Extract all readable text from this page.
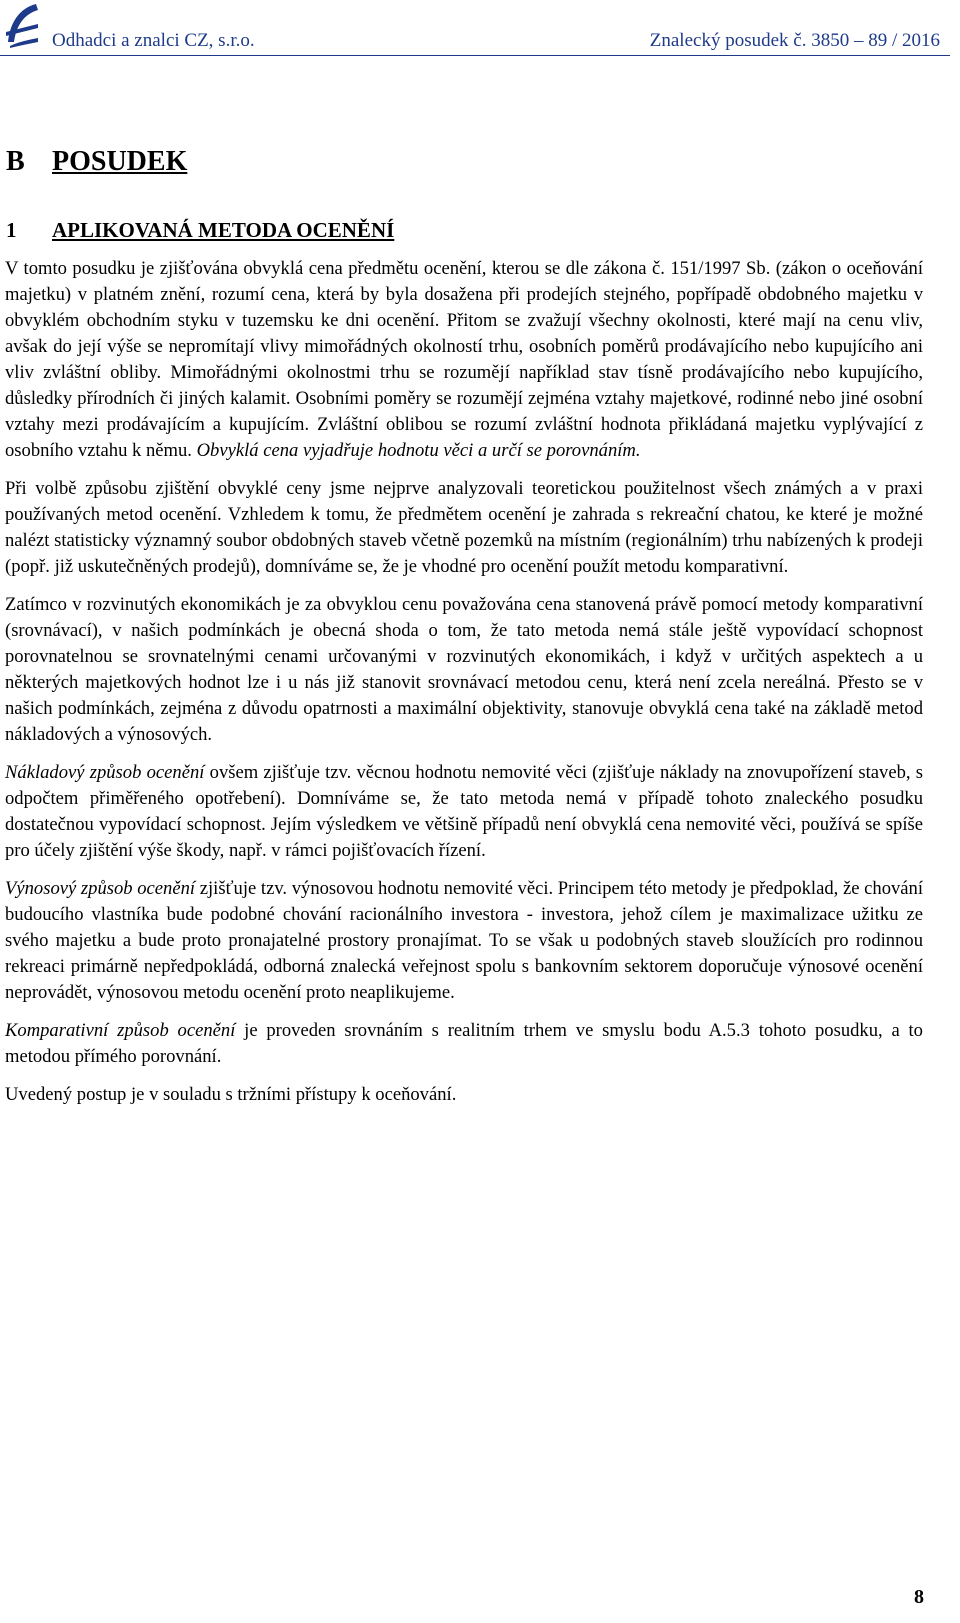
Odhadci a znalci CZ, s.r.o.	Znalecký posudek č. 3850 – 89 / 2016
B POSUDEK
1 APLIKOVANÁ METODA OCENĚNÍ

V tomto posudku je zjišťována obvyklá cena předmětu ocenění, kterou se dle zákona č. 151/1997 Sb. (zákon o oceňování majetku) v platném znění, rozumí cena, která by byla dosažena při prodejích stejného, popřípadě obdobného majetku v obvyklém obchodním styku v tuzemsku ke dni ocenění. Přitom se zvažují všechny okolnosti, které mají na cenu vliv, avšak do její výše se nepromítají vlivy mimořádných okolností trhu, osobních poměrů prodávajícího nebo kupujícího ani vliv zvláštní obliby. Mimořádnými okolnostmi trhu se rozumějí například stav tísně prodávajícího nebo kupujícího, důsledky přírodních či jiných kalamit. Osobními poměry se rozumějí zejména vztahy majetkové, rodinné nebo jiné osobní vztahy mezi prodávajícím a kupujícím. Zvláštní oblibou se rozumí zvláštní hodnota přikládaná majetku vyplývající z osobního vztahu k němu. Obvyklá cena vyjadřuje hodnotu věci a určí se porovnáním.

Při volbě způsobu zjištění obvyklé ceny jsme nejprve analyzovali teoretickou použitelnost všech známých a v praxi používaných metod ocenění. Vzhledem k tomu, že předmětem ocenění je zahrada s rekreační chatou, ke které je možné nalézt statisticky významný soubor obdobných staveb včetně pozemků na místním (regionálním) trhu nabízených k prodeji (popř. již uskutečněných prodejů), domníváme se, že je vhodné pro ocenění použít metodu komparativní.

Zatímco v rozvinutých ekonomikách je za obvyklou cenu považována cena stanovená právě pomocí metody komparativní (srovnávací), v našich podmínkách je obecná shoda o tom, že tato metoda nemá stále ještě vypovídací schopnost porovnatelnou se srovnatelnými cenami určovanými v rozvinutých ekonomikách, i když v určitých aspektech a u některých majetkových hodnot lze i u nás již stanovit srovnávací metodou cenu, která není zcela nereálná. Přesto se v našich podmínkách, zejména z důvodu opatrnosti a maximální objektivity, stanovuje obvyklá cena také na základě metod nákladových a výnosových.

Nákladový způsob ocenění ovšem zjišťuje tzv. věcnou hodnotu nemovité věci (zjišťuje náklady na znovupořízení staveb, s odpočtem přiměřeného opotřebení). Domníváme se, že tato metoda nemá v případě tohoto znaleckého posudku dostatečnou vypovídací schopnost. Jejím výsledkem ve většině případů není obvyklá cena nemovité věci, používá se spíše pro účely zjištění výše škody, např. v rámci pojišťovacích řízení.

Výnosový způsob ocenění zjišťuje tzv. výnosovou hodnotu nemovité věci. Principem této metody je předpoklad, že chování budoucího vlastníka bude podobné chování racionálního investora - investora, jehož cílem je maximalizace užitku ze svého majetku a bude proto pronajatelné prostory pronajímat. To se však u podobných staveb sloužících pro rodinnou rekreaci primárně nepředpokládá, odborná znalecká veřejnost spolu s bankovním sektorem doporučuje výnosové ocenění neprovádět, výnosovou metodu ocenění proto neaplikujeme.

Komparativní způsob ocenění je proveden srovnáním s realitním trhem ve smyslu bodu A.5.3 tohoto posudku, a to metodou přímého porovnání.

Uvedený postup je v souladu s tržními přístupy k oceňování.

8
